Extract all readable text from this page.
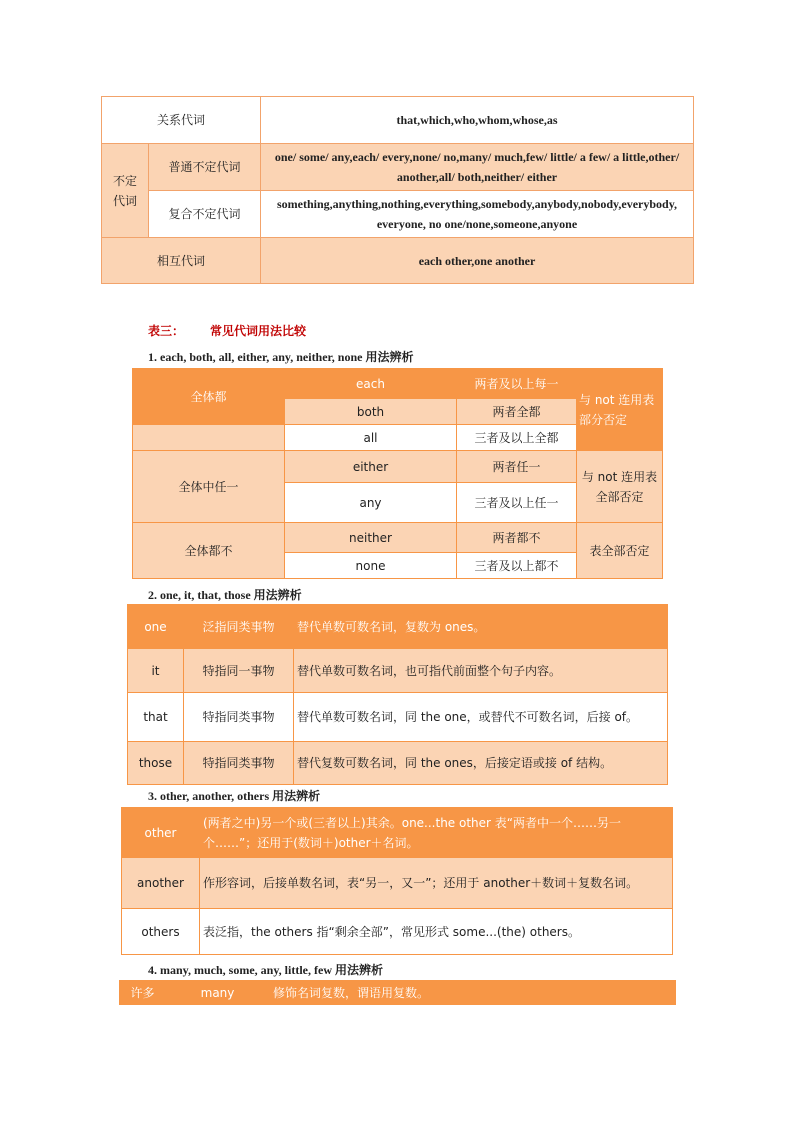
关系代词		that,which,who,whom,whose,as
不定代词	普通不定代词	one/ some/ any,each/ every,none/ no,many/ much,few/ little/ a few/ a little,other/ another,all/ both,neither/ either
	复合不定代词	something,anything,nothing,everything,somebody,anybody,nobody,everybody, everyone, no one/none,someone,anyone
相互代词		each other,one another
表三： 常见代词用法比较
1. each, both, all, either, any, neither, none 用法辨析
全体都	each	两者及以上每一	与 not 连用表部分否定
	both	两者全都	
	all	三者及以上全都	
全体中任一	either	两者任一	与 not 连用表全部否定
	any	三者及以上任一	
全体都不	neither	两者都不	表全部否定
	none	三者及以上都不	
2. one, it, that, those 用法辨析
one	泛指同类事物	替代单数可数名词，复数为 ones。
it	特指同一事物	替代单数可数名词，也可指代前面整个句子内容。
that	特指同类事物	替代单数可数名词，同 the one，或替代不可数名词，后接 of。
those	特指同类事物	替代复数可数名词，同 the ones，后接定语或接 of 结构。
3. other, another, others 用法辨析
other	(两者之中)另一个或(三者以上)其余。one...the other 表“两者中一个……另一个……”；还用于(数词＋)other＋名词。
another	作形容词，后接单数名词，表“另一，又一”；还用于 another＋数词＋复数名词。
others	表泛指，the others 指“剩余全部”，常见形式 some...(the) others。
4. many, much, some, any, little, few 用法辨析
许多	many	修饰名词复数，谓语用复数。
